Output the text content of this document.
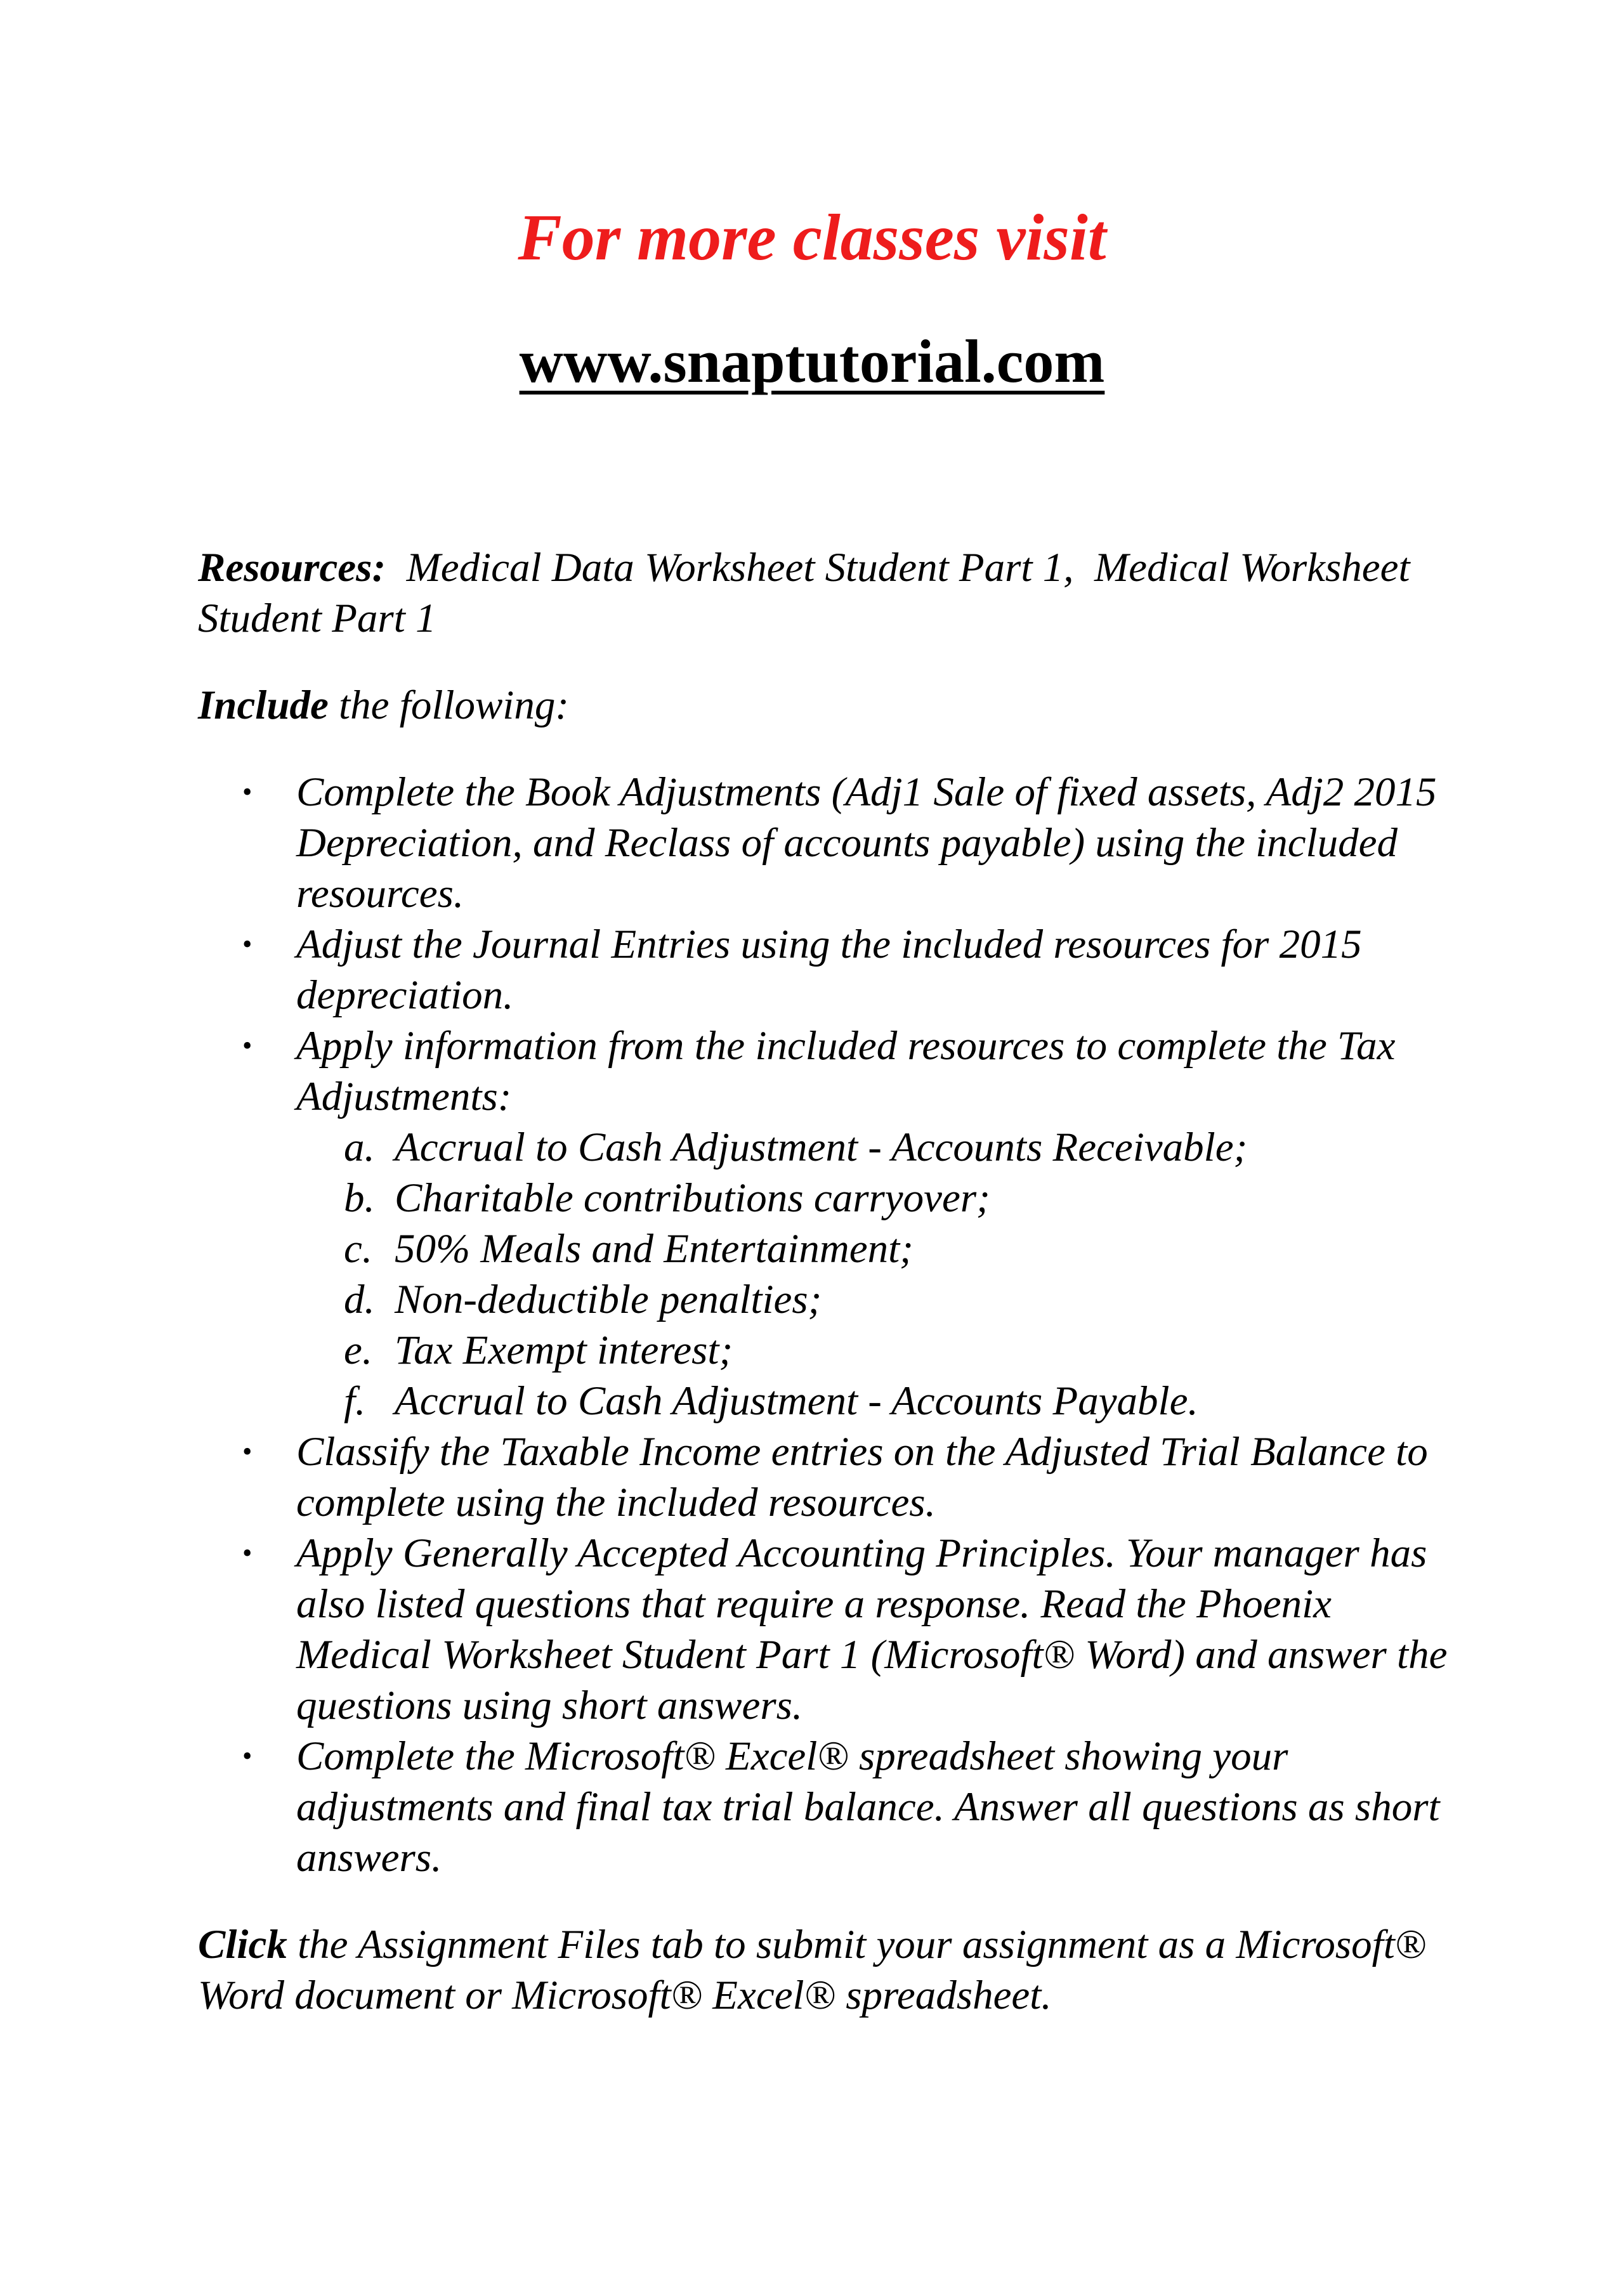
For more classes visit
www.snaptutorial.com

Resources:  Medical Data Worksheet Student Part 1,  Medical Worksheet Student Part 1

Include the following:

• Complete the Book Adjustments (Adj1 Sale of fixed assets, Adj2 2015 Depreciation, and Reclass of accounts payable) using the included resources.
• Adjust the Journal Entries using the included resources for 2015 depreciation.
• Apply information from the included resources to complete the Tax Adjustments:
a. Accrual to Cash Adjustment - Accounts Receivable;
b. Charitable contributions carryover;
c. 50% Meals and Entertainment;
d. Non-deductible penalties;
e. Tax Exempt interest;
f. Accrual to Cash Adjustment - Accounts Payable.
• Classify the Taxable Income entries on the Adjusted Trial Balance to complete using the included resources.
• Apply Generally Accepted Accounting Principles. Your manager has also listed questions that require a response. Read the Phoenix Medical Worksheet Student Part 1 (Microsoft® Word) and answer the questions using short answers.
• Complete the Microsoft® Excel® spreadsheet showing your adjustments and final tax trial balance. Answer all questions as short answers.

Click the Assignment Files tab to submit your assignment as a Microsoft® Word document or Microsoft® Excel® spreadsheet.
